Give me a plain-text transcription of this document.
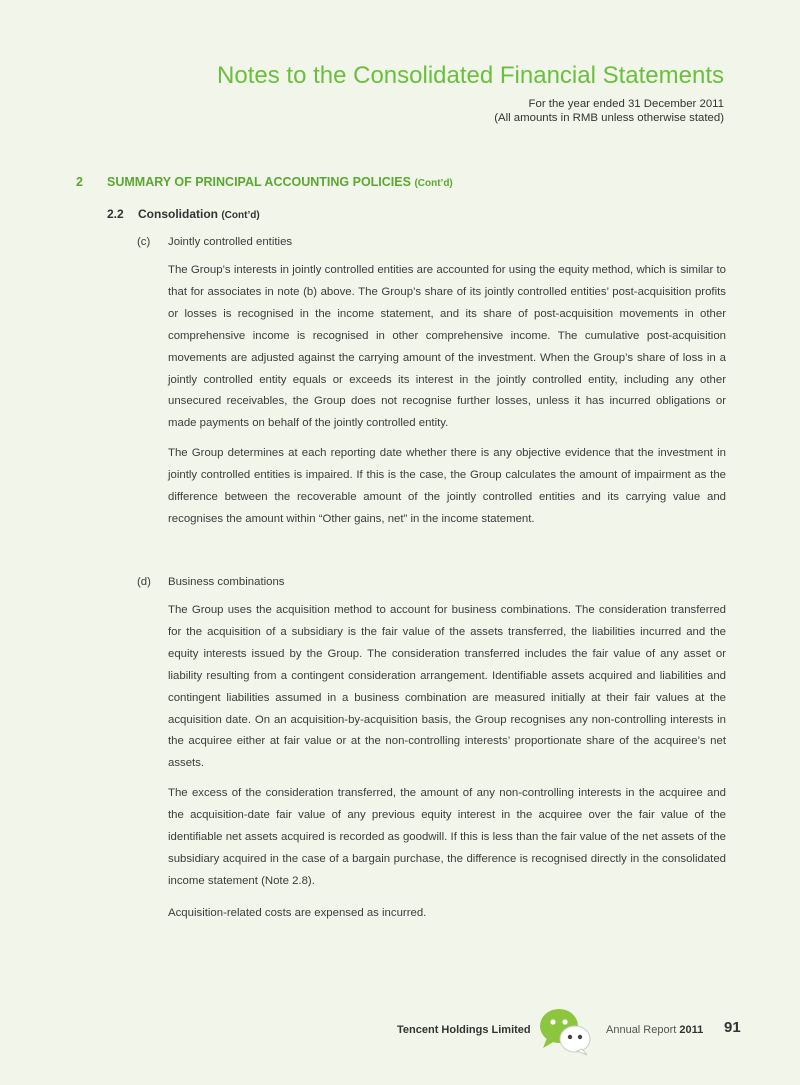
Notes to the Consolidated Financial Statements
For the year ended 31 December 2011
(All amounts in RMB unless otherwise stated)
2 SUMMARY OF PRINCIPAL ACCOUNTING POLICIES (Cont’d)
2.2 Consolidation (Cont’d)
(c) Jointly controlled entities

The Group’s interests in jointly controlled entities are accounted for using the equity method, which is similar to that for associates in note (b) above. The Group’s share of its jointly controlled entities’ post-acquisition profits or losses is recognised in the income statement, and its share of post-acquisition movements in other comprehensive income is recognised in other comprehensive income. The cumulative post-acquisition movements are adjusted against the carrying amount of the investment. When the Group’s share of loss in a jointly controlled entity equals or exceeds its interest in the jointly controlled entity, including any other unsecured receivables, the Group does not recognise further losses, unless it has incurred obligations or made payments on behalf of the jointly controlled entity.

The Group determines at each reporting date whether there is any objective evidence that the investment in jointly controlled entities is impaired. If this is the case, the Group calculates the amount of impairment as the difference between the recoverable amount of the jointly controlled entities and its carrying value and recognises the amount within “Other gains, net” in the income statement.

(d) Business combinations

The Group uses the acquisition method to account for business combinations. The consideration transferred for the acquisition of a subsidiary is the fair value of the assets transferred, the liabilities incurred and the equity interests issued by the Group. The consideration transferred includes the fair value of any asset or liability resulting from a contingent consideration arrangement. Identifiable assets acquired and liabilities and contingent liabilities assumed in a business combination are measured initially at their fair values at the acquisition date. On an acquisition-by-acquisition basis, the Group recognises any non-controlling interests in the acquiree either at fair value or at the non-controlling interests’ proportionate share of the acquiree’s net assets.

The excess of the consideration transferred, the amount of any non-controlling interests in the acquiree and the acquisition-date fair value of any previous equity interest in the acquiree over the fair value of the identifiable net assets acquired is recorded as goodwill. If this is less than the fair value of the net assets of the subsidiary acquired in the case of a bargain purchase, the difference is recognised directly in the consolidated income statement (Note 2.8).

Acquisition-related costs are expensed as incurred.

Tencent Holdings Limited	Annual Report 2011 91
